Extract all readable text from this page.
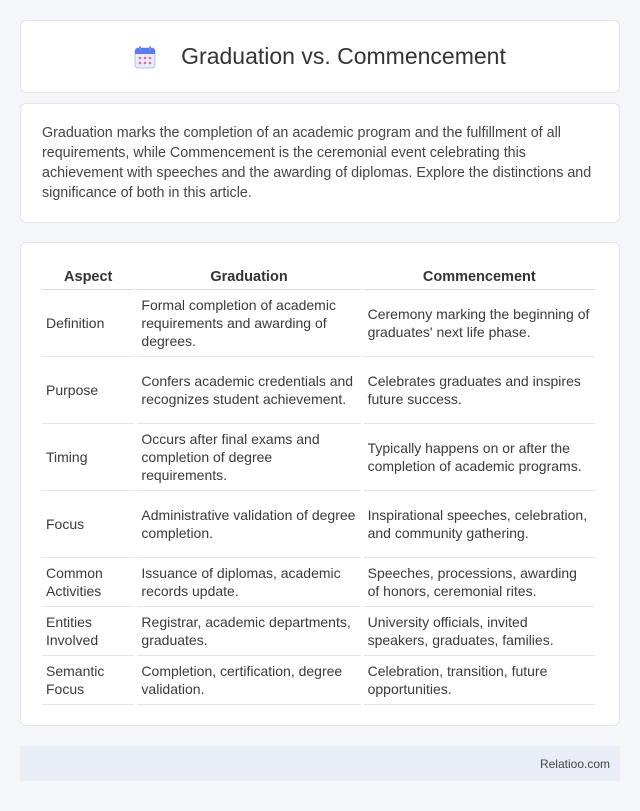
Graduation vs. Commencement
Graduation marks the completion of an academic program and the fulfillment of all requirements, while Commencement is the ceremonial event celebrating this achievement with speeches and the awarding of diplomas. Explore the distinctions and significance of both in this article.
Aspect	Graduation	Commencement
Definition	Formal completion of academic requirements and awarding of degrees.	Ceremony marking the beginning of graduates' next life phase.
Purpose	Confers academic credentials and recognizes student achievement.	Celebrates graduates and inspires future success.
Timing	Occurs after final exams and completion of degree requirements.	Typically happens on or after the completion of academic programs.
Focus	Administrative validation of degree completion.	Inspirational speeches, celebration, and community gathering.
Common Activities	Issuance of diplomas, academic records update.	Speeches, processions, awarding of honors, ceremonial rites.
Entities Involved	Registrar, academic departments, graduates.	University officials, invited speakers, graduates, families.
Semantic Focus	Completion, certification, degree validation.	Celebration, transition, future opportunities.
Relatioo.com
